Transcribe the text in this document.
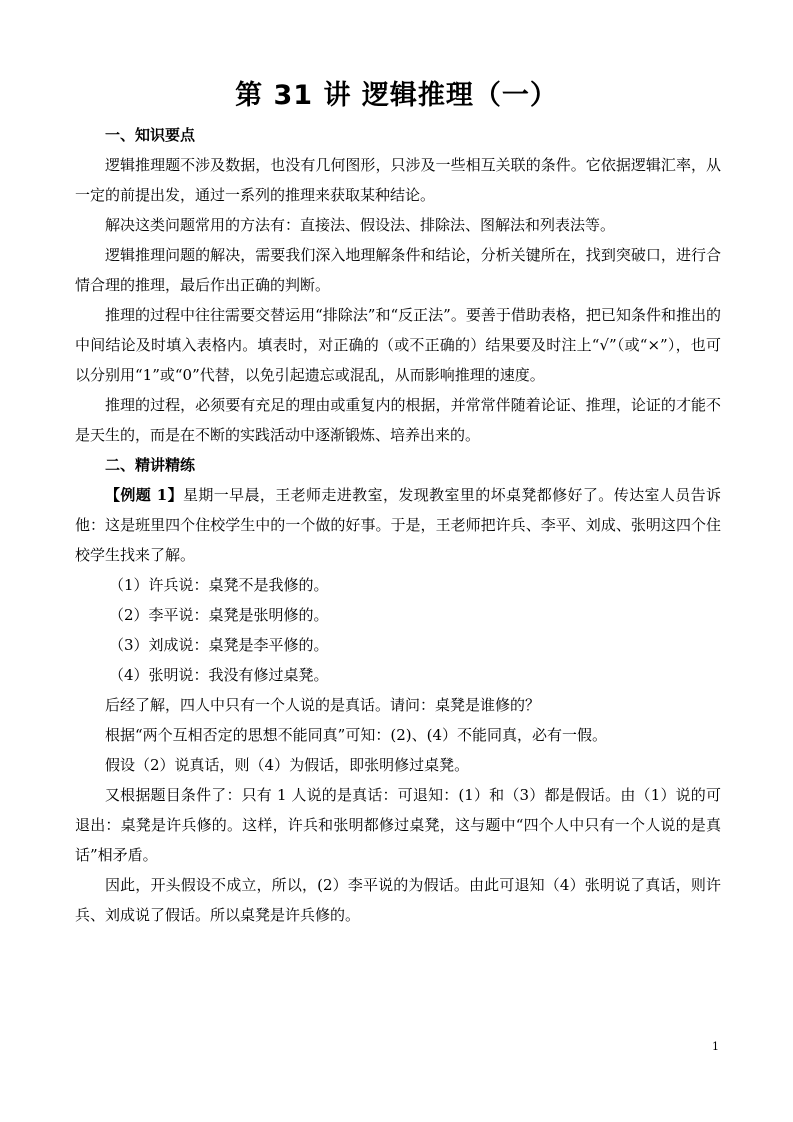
第 31 讲 逻辑推理（一）

一、知识要点

逻辑推理题不涉及数据，也没有几何图形，只涉及一些相互关联的条件。它依据逻辑汇率，从一定的前提出发，通过一系列的推理来获取某种结论。

解决这类问题常用的方法有：直接法、假设法、排除法、图解法和列表法等。

逻辑推理问题的解决，需要我们深入地理解条件和结论，分析关键所在，找到突破口，进行合情合理的推理，最后作出正确的判断。

推理的过程中往往需要交替运用“排除法”和“反正法”。要善于借助表格，把已知条件和推出的中间结论及时填入表格内。填表时，对正确的（或不正确的）结果要及时注上“√”（或“×”），也可以分别用“1”或“0”代替，以免引起遗忘或混乱，从而影响推理的速度。

推理的过程，必须要有充足的理由或重复内的根据，并常常伴随着论证、推理，论证的才能不是天生的，而是在不断的实践活动中逐渐锻炼、培养出来的。

二、精讲精练

【例题 1】星期一早晨，王老师走进教室，发现教室里的坏桌凳都修好了。传达室人员告诉他：这是班里四个住校学生中的一个做的好事。于是，王老师把许兵、李平、刘成、张明这四个住校学生找来了解。

（1）许兵说：桌凳不是我修的。

（2）李平说：桌凳是张明修的。

（3）刘成说：桌凳是李平修的。

（4）张明说：我没有修过桌凳。

后经了解，四人中只有一个人说的是真话。请问：桌凳是谁修的？

根据“两个互相否定的思想不能同真”可知：(2)、(4）不能同真，必有一假。

假设（2）说真话，则（4）为假话，即张明修过桌凳。

又根据题目条件了：只有 1 人说的是真话：可退知：(1）和（3）都是假话。由（1）说的可退出：桌凳是许兵修的。这样，许兵和张明都修过桌凳，这与题中“四个人中只有一个人说的是真话”相矛盾。

因此，开头假设不成立，所以，(2）李平说的为假话。由此可退知（4）张明说了真话，则许兵、刘成说了假话。所以桌凳是许兵修的。

1
